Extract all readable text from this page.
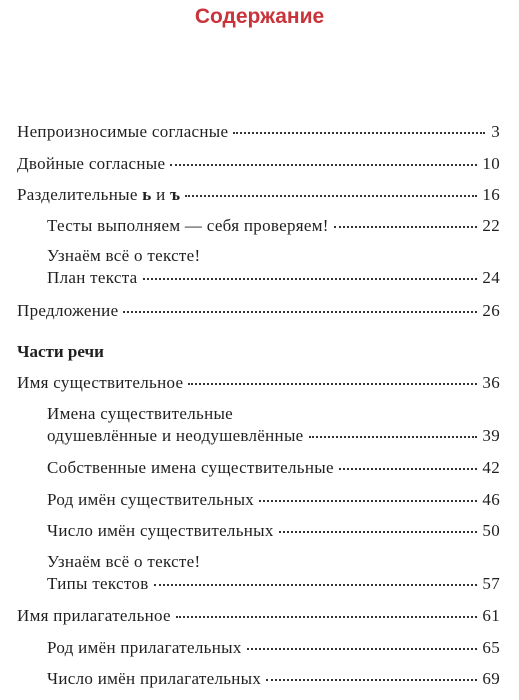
Содержание
Непроизносимые согласные	3
Двойные согласные	10
Разделительные ь и ъ	16
Тесты выполняем — себя проверяем!	22
Узнаём всё о тексте!
План текста	24
Предложение	26
Части речи
Имя существительное	36
Имена существительные
одушевлённые и неодушевлённые	39
Собственные имена существительные	42
Род имён существительных	46
Число имён существительных	50
Узнаём всё о тексте!
Типы текстов	57
Имя прилагательное	61
Род имён прилагательных	65
Число имён прилагательных	69
